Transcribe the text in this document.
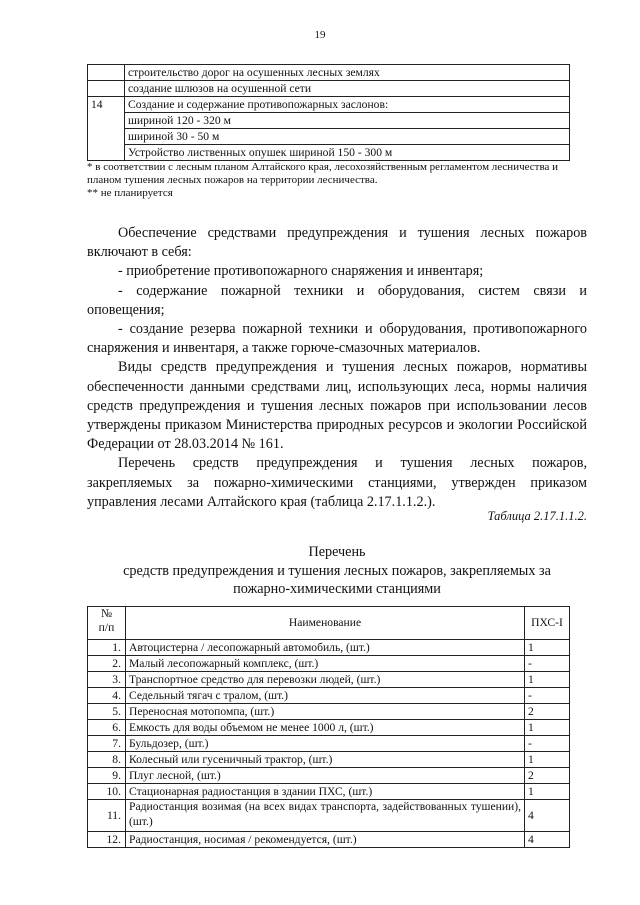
19
	строительство дорог на осушенных лесных землях
	создание шлюзов на осушенной сети
14	Создание и содержание противопожарных заслонов:
	шириной 120 - 320 м
	шириной 30 - 50 м
	Устройство лиственных опушек шириной 150 - 300 м

* в соответствии с лесным планом Алтайского края, лесохозяйственным регламентом лесничества и планом тушения лесных пожаров на территории лесничества.

** не планируется

Обеспечение средствами предупреждения и тушения лесных пожаров включают в себя:

- приобретение противопожарного снаряжения и инвентаря;

- содержание пожарной техники и оборудования, систем связи и оповещения;

- создание резерва пожарной техники и оборудования, противопожарного снаряжения и инвентаря, а также горюче-смазочных материалов.

Виды средств предупреждения и тушения лесных пожаров, нормативы обеспеченности данными средствами лиц, использующих леса, нормы наличия средств предупреждения и тушения лесных пожаров при использовании лесов утверждены приказом Министерства природных ресурсов и экологии Российской Федерации от 28.03.2014 № 161.

Перечень средств предупреждения и тушения лесных пожаров, закрепляемых за пожарно-химическими станциями, утвержден приказом управления лесами Алтайского края (таблица 2.17.1.1.2.).

Таблица 2.17.1.1.2.

Перечень

средств предупреждения и тушения лесных пожаров, закрепляемых за

пожарно-химическими станциями

№
п/п	Наименование	ПХС-I
1.	Автоцистерна / лесопожарный автомобиль, (шт.)	1
2.	Малый лесопожарный комплекс, (шт.)	-
3.	Транспортное средство для перевозки людей, (шт.)	1
4.	Седельный тягач с тралом, (шт.)	-
5.	Переносная мотопомпа, (шт.)	2
6.	Емкость для воды объемом не менее 1000 л, (шт.)	1
7.	Бульдозер, (шт.)	-
8.	Колесный или гусеничный трактор, (шт.)	1
9.	Плуг лесной, (шт.)	2
10.	Стационарная радиостанция в здании ПХС, (шт.)	1
11.	Радиостанция возимая (на всех видах транспорта, задействованных тушении), (шт.)	4
12.	Радиостанция, носимая / рекомендуется, (шт.)	4
